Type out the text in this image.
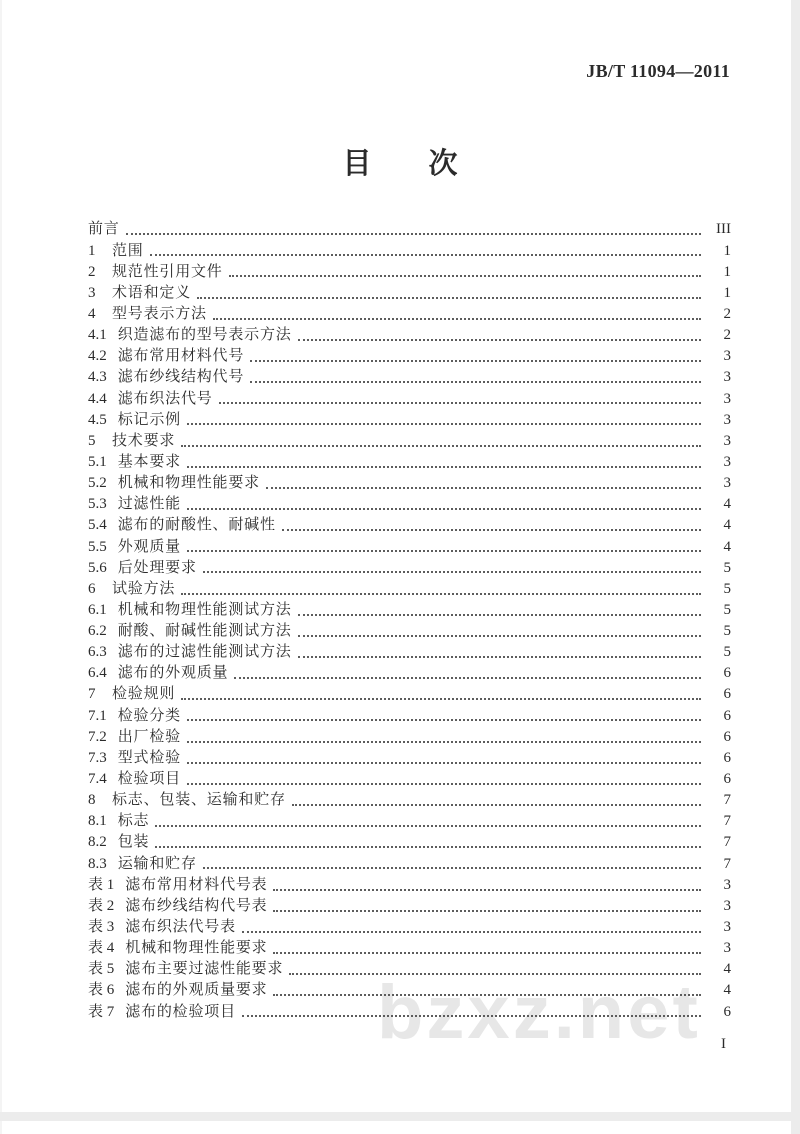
JB/T 11094—2011
目　次
bzxz.net
前言	III
1	范围	1
2	规范性引用文件	1
3	术语和定义	1
4	型号表示方法	2
4.1 织造滤布的型号表示方法	2
4.2 滤布常用材料代号	3
4.3 滤布纱线结构代号	3
4.4 滤布织法代号	3
4.5 标记示例	3
5	技术要求	3
5.1 基本要求	3
5.2 机械和物理性能要求	3
5.3 过滤性能	4
5.4 滤布的耐酸性、耐碱性	4
5.5 外观质量	4
5.6 后处理要求	5
6	试验方法	5
6.1 机械和物理性能测试方法	5
6.2 耐酸、耐碱性能测试方法	5
6.3 滤布的过滤性能测试方法	5
6.4 滤布的外观质量	6
7	检验规则	6
7.1 检验分类	6
7.2 出厂检验	6
7.3 型式检验	6
7.4 检验项目	6
8	标志、包装、运输和贮存	7
8.1 标志	7
8.2 包装	7
8.3 运输和贮存	7
表 1 滤布常用材料代号表	3
表 2 滤布纱线结构代号表	3
表 3 滤布织法代号表	3
表 4 机械和物理性能要求	3
表 5 滤布主要过滤性能要求	4
表 6 滤布的外观质量要求	4
表 7 滤布的检验项目	6
I
